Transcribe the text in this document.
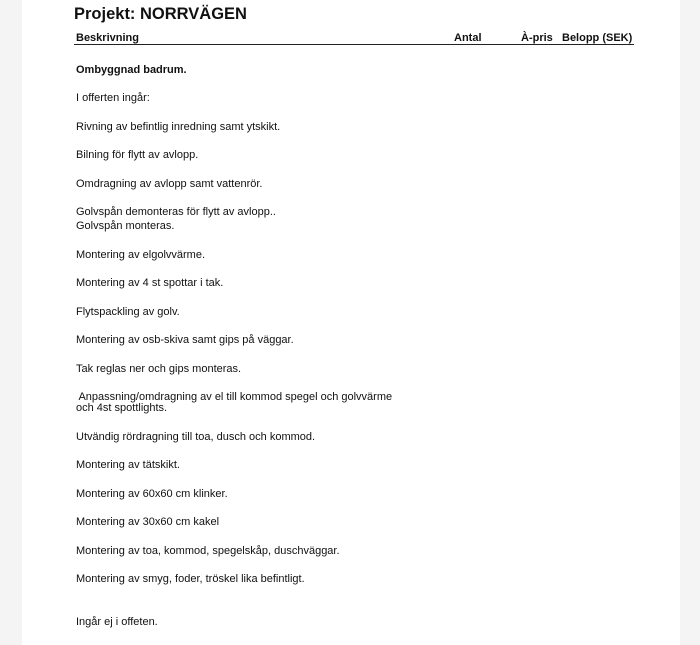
Projekt: NORRVÄGEN
Beskrivning	Antal	À-pris Belopp (SEK)
Ombyggnad badrum.
I offerten ingår:
Rivning av befintlig inredning samt ytskikt.
Bilning för flytt av avlopp.
Omdragning av avlopp samt vattenrör.
Golvspån demonteras för flytt av avlopp..
Golvspån monteras.
Montering av elgolvvärme.
Montering av 4 st spottar i tak.
Flytspackling av golv.
Montering av osb-skiva samt gips på väggar.
Tak reglas ner och gips monteras.
Anpassning/omdragning av el till kommod spegel och golvvärme
och 4st spottlights.
Utvändig rördragning till toa, dusch och kommod.
Montering av tätskikt.
Montering av 60x60 cm klinker.
Montering av 30x60 cm kakel
Montering av toa, kommod, spegelskåp, duschväggar.
Montering av smyg, foder, tröskel lika befintligt.
Ingår ej i offeten.
